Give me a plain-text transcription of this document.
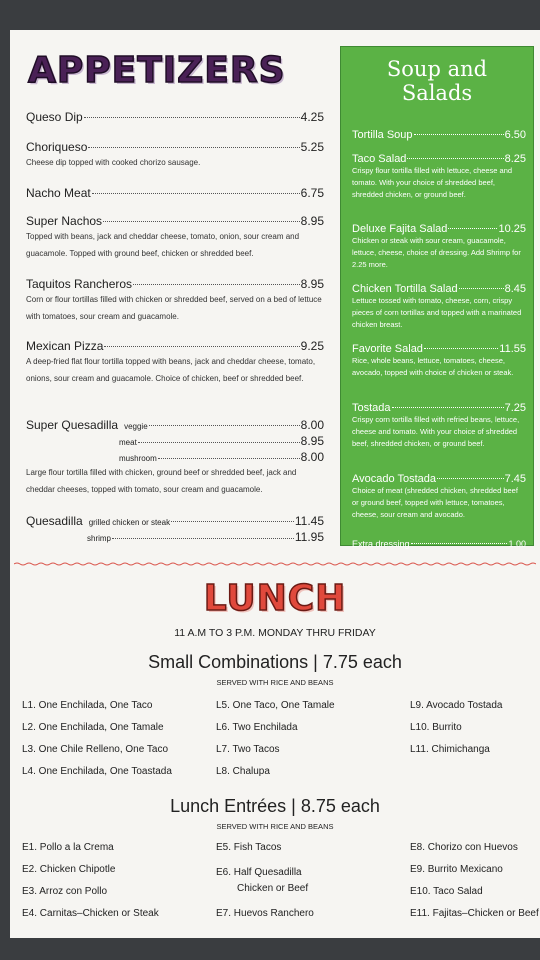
APPETIZERS
Queso Dip	4.25
Choriqueso	5.25
Cheese dip topped with cooked chorizo sausage.
Nacho Meat	6.75
Super Nachos	8.95
Topped with beans, jack and cheddar cheese, tomato, onion, sour cream and guacamole. Topped with ground beef, chicken or shredded beef.
Taquitos Rancheros	8.95
Corn or flour tortillas filled with chicken or shredded beef, served on a bed of lettuce with tomatoes, sour cream and guacamole.
Mexican Pizza	9.25
A deep-fried flat flour tortilla topped with beans, jack and cheddar cheese, tomato, onions, sour cream and guacamole. Choice of chicken, beef or shredded beef.
Super Quesadilla veggie	8.00
meat	8.95
mushroom	8.00
Large flour tortilla filled with chicken, ground beef or shredded beef, jack and cheddar cheeses, topped with tomato, sour cream and guacamole.
Quesadilla grilled chicken or steak	11.45
shrimp	11.95
Soup and
Salads
Tortilla Soup	6.50
Taco Salad	8.25
Crispy flour tortilla filled with lettuce, cheese and tomato. With your choice of shredded beef, shredded chicken, or ground beef.
Deluxe Fajita Salad	10.25
Chicken or steak with sour cream, guacamole, lettuce, cheese, choice of dressing. Add Shrimp for 2.25 more.
Chicken Tortilla Salad	8.45
Lettuce tossed with tomato, cheese, corn, crispy pieces of corn tortillas and topped with a marinated chicken breast.
Favorite Salad	11.55
Rice, whole beans, lettuce, tomatoes, cheese, avocado, topped with choice of chicken or steak.
Tostada	7.25
Crispy corn tortilla filled with refried beans, lettuce, cheese and tomato. With your choice of shredded beef, shredded chicken, or ground beef.
Avocado Tostada	7.45
Choice of meat (shredded chicken, shredded beef or ground beef, topped with lettuce, tomatoes, cheese, sour cream and avocado.
Extra dressing	1.00
LUNCH
11 A.M TO 3 P.M. MONDAY THRU FRIDAY
Small Combinations | 7.75 each
SERVED WITH RICE AND BEANS
L1. One Enchilada, One Taco
L2. One Enchilada, One Tamale
L3. One Chile Relleno, One Taco
L4. One Enchilada, One Toastada
L5. One Taco, One Tamale
L6. Two Enchilada
L7. Two Tacos
L8. Chalupa
L9. Avocado Tostada
L10. Burrito
L11. Chimichanga
Lunch Entrées | 8.75 each
SERVED WITH RICE AND BEANS
E1. Pollo a la Crema
E2. Chicken Chipotle
E3. Arroz con Pollo
E4. Carnitas–Chicken or Steak
E5. Fish Tacos
E6. Half Quesadilla
Chicken or Beef
E7. Huevos Ranchero
E8. Chorizo con Huevos
E9. Burrito Mexicano
E10. Taco Salad
E11. Fajitas–Chicken or Beef
